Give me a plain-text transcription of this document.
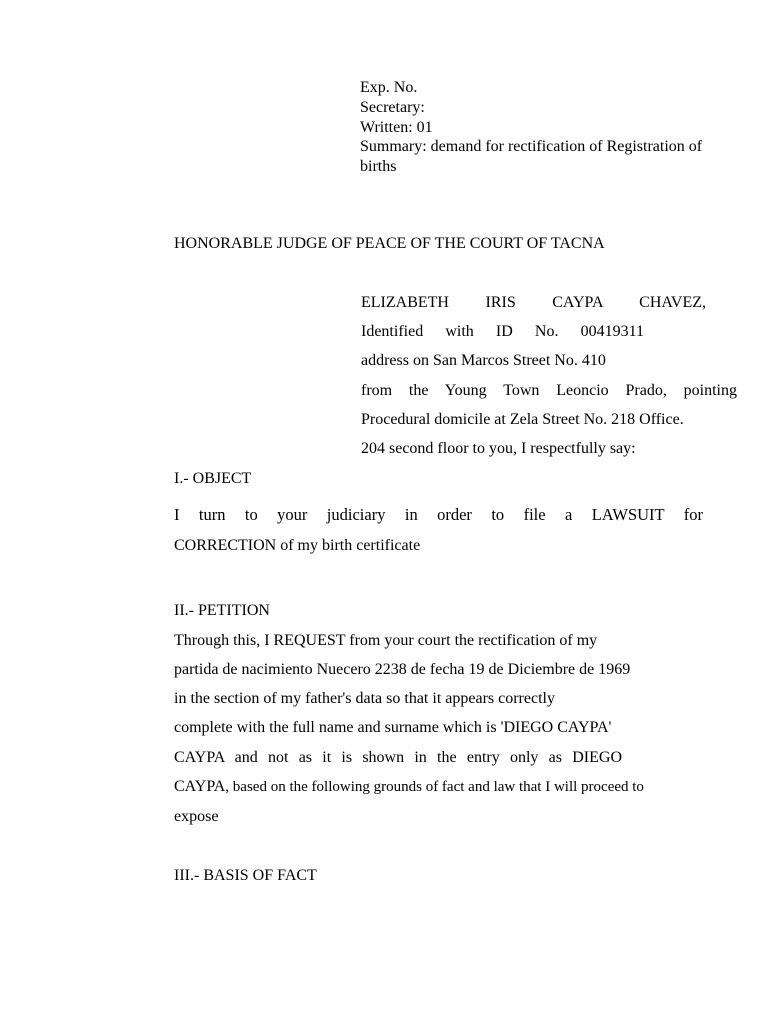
Exp. No.
Secretary:
Written: 01
Summary: demand for rectification of Registration of
births
HONORABLE JUDGE OF PEACE OF THE COURT OF TACNA
ELIZABETH IRIS CAYPA CHAVEZ,
Identified with ID No. 00419311
address on San Marcos Street No. 410
from the Young Town Leoncio Prado, pointing
Procedural domicile at Zela Street No. 218 Office.
204 second floor to you, I respectfully say:
I.- OBJECT
I turn to your judiciary in order to file a LAWSUIT for
CORRECTION of my birth certificate
II.- PETITION
Through this, I REQUEST from your court the rectification of my
partida de nacimiento Nuecero 2238 de fecha 19 de Diciembre de 1969
in the section of my father's data so that it appears correctly
complete with the full name and surname which is 'DIEGO CAYPA'
CAYPA and not as it is shown in the entry only as DIEGO
CAYPA, based on the following grounds of fact and law that I will proceed to
expose
III.- BASIS OF FACT
